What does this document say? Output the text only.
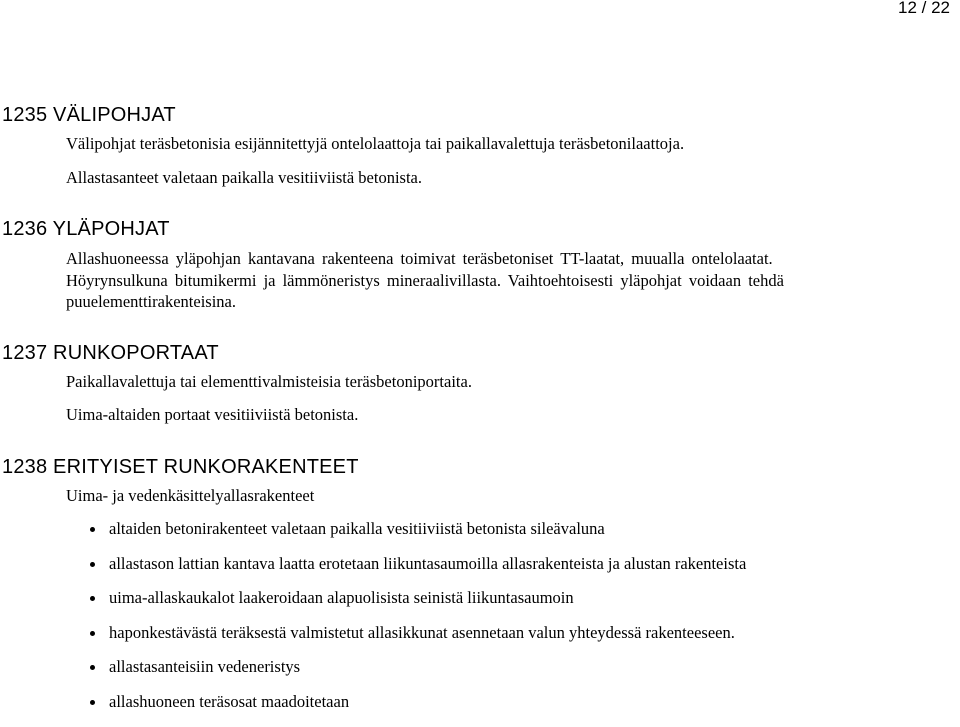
12 / 22
1235 VÄLIPOHJAT

Välipohjat teräsbetonisia esijännitettyjä ontelolaattoja tai paikallavalettuja teräsbetonilaattoja.

Allastasanteet valetaan paikalla vesitiiviistä betonista.

1236 YLÄPOHJAT

Allashuoneessa yläpohjan kantavana rakenteena toimivat teräsbetoniset TT-laatat, muualla ontelolaatat.

Höyrynsulkuna bitumikermi ja lämmöneristys mineraalivillasta. Vaihtoehtoisesti yläpohjat voidaan tehdä

puuelementtirakenteisina.

1237 RUNKOPORTAAT

Paikallavalettuja tai elementtivalmisteisia teräsbetoniportaita.

Uima-altaiden portaat vesitiiviistä betonista.

1238 ERITYISET RUNKORAKENTEET

Uima- ja vedenkäsittelyallasrakenteet

altaiden betonirakenteet valetaan paikalla vesitiiviistä betonista sileävaluna
allastason lattian kantava laatta erotetaan liikuntasaumoilla allasrakenteista ja alustan rakenteista
uima-allaskaukalot laakeroidaan alapuolisista seinistä liikuntasaumoin
haponkestävästä teräksestä valmistetut allasikkunat asennetaan valun yhteydessä rakenteeseen.
allastasanteisiin vedeneristys
allashuoneen teräsosat maadoitetaan
